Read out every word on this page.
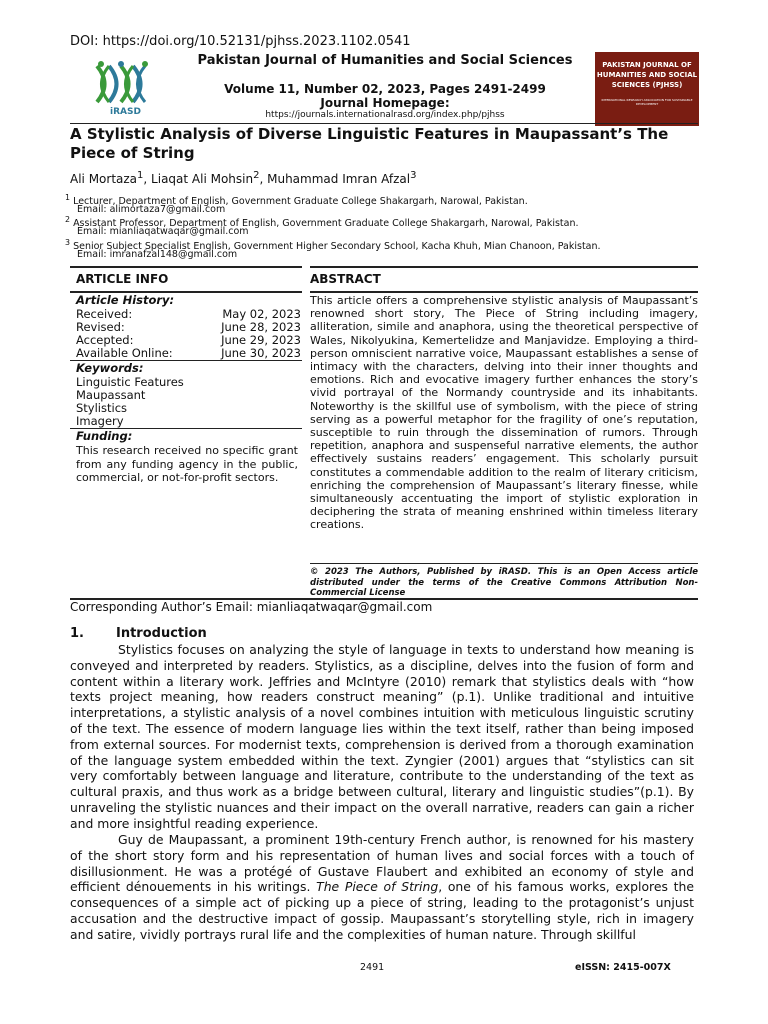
DOI: https://doi.org/10.52131/pjhss.2023.1102.0541
iRASD
Pakistan Journal of Humanities and Social Sciences
Volume 11, Number 02, 2023, Pages 2491-2499
Journal Homepage:
https://journals.internationalrasd.org/index.php/pjhss
PAKISTAN JOURNAL OF
HUMANITIES AND SOCIAL
SCIENCES (PJHSS)
INTERNATIONAL RESEARCH ASSOCIATION FOR SUSTAINABLE DEVELOPMENT
A Stylistic Analysis of Diverse Linguistic Features in Maupassant’s The Piece of String
Ali Mortaza$^1$, Liaqat Ali Mohsin$^2$, Muhammad Imran Afzal$^3$
$^1$ Lecturer, Department of English, Government Graduate College Shakargarh, Narowal, Pakistan.
Email: alimortaza7@gmail.com
$^2$ Assistant Professor, Department of English, Government Graduate College Shakargarh, Narowal, Pakistan.
Email: mianliaqatwaqar@gmail.com
$^3$ Senior Subject Specialist English, Government Higher Secondary School, Kacha Khuh, Mian Chanoon, Pakistan.
Email: imranafzal148@gmail.com
ARTICLE INFO
Article History:
Received:	May 02, 2023
Revised:	June 28, 2023
Accepted:	June 29, 2023
Available Online:	June 30, 2023
Keywords:
Linguistic Features
Maupassant
Stylistics
Imagery
Funding:
This research received no specific grant from any funding agency in the public, commercial, or not-for-profit sectors.
ABSTRACT
This article offers a comprehensive stylistic analysis of Maupassant’s renowned short story, The Piece of String including imagery, alliteration, simile and anaphora, using the theoretical perspective of Wales, Nikolyukina, Kemertelidze and Manjavidze. Employing a third-person omniscient narrative voice, Maupassant establishes a sense of intimacy with the characters, delving into their inner thoughts and emotions. Rich and evocative imagery further enhances the story’s vivid portrayal of the Normandy countryside and its inhabitants. Noteworthy is the skillful use of symbolism, with the piece of string serving as a powerful metaphor for the fragility of one’s reputation, susceptible to ruin through the dissemination of rumors. Through repetition, anaphora and suspenseful narrative elements, the author effectively sustains readers’ engagement. This scholarly pursuit constitutes a commendable addition to the realm of literary criticism, enriching the comprehension of Maupassant’s literary finesse, while simultaneously accentuating the import of stylistic exploration in deciphering the strata of meaning enshrined within timeless literary creations.
© 2023 The Authors, Published by iRASD. This is an Open Access article distributed under the terms of the Creative Commons Attribution Non-Commercial License
Corresponding Author’s Email: mianliaqatwaqar@gmail.com
1. Introduction
Stylistics focuses on analyzing the style of language in texts to understand how meaning is conveyed and interpreted by readers. Stylistics, as a discipline, delves into the fusion of form and content within a literary work. Jeffries and McIntyre (2010) remark that stylistics deals with “how texts project meaning, how readers construct meaning” (p.1). Unlike traditional and intuitive interpretations, a stylistic analysis of a novel combines intuition with meticulous linguistic scrutiny of the text. The essence of modern language lies within the text itself, rather than being imposed from external sources. For modernist texts, comprehension is derived from a thorough examination of the language system embedded within the text. Zyngier (2001) argues that “stylistics can sit very comfortably between language and literature, contribute to the understanding of the text as cultural praxis, and thus work as a bridge between cultural, literary and linguistic studies”(p.1). By unraveling the stylistic nuances and their impact on the overall narrative, readers can gain a richer and more insightful reading experience.
Guy de Maupassant, a prominent 19th-century French author, is renowned for his mastery of the short story form and his representation of human lives and social forces with a touch of disillusionment. He was a protégé of Gustave Flaubert and exhibited an economy of style and efficient dénouements in his writings. The Piece of String, one of his famous works, explores the consequences of a simple act of picking up a piece of string, leading to the protagonist’s unjust accusation and the destructive impact of gossip. Maupassant’s storytelling style, rich in imagery and satire, vividly portrays rural life and the complexities of human nature. Through skillful
2491	eISSN: 2415-007X
